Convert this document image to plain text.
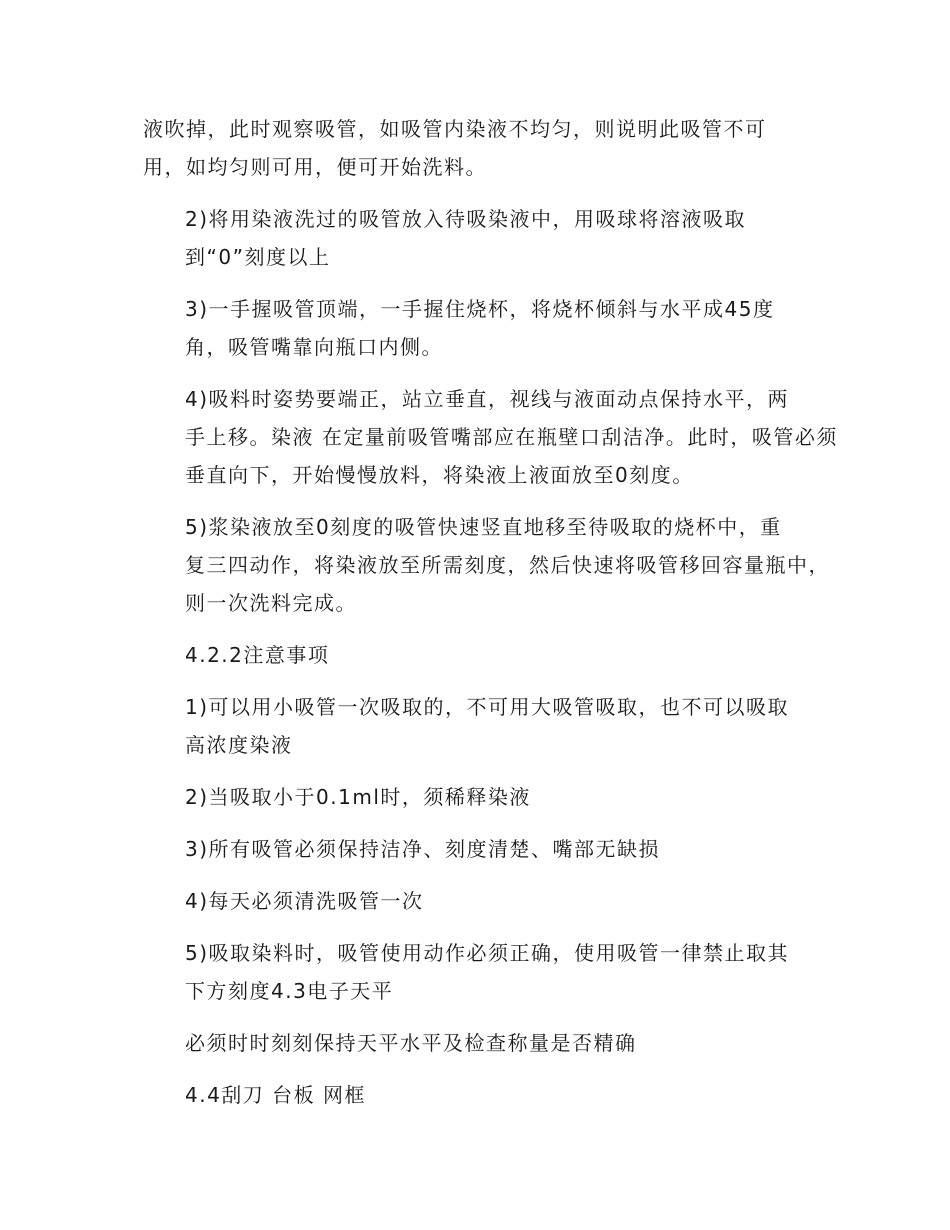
液吹掉，此时观察吸管，如吸管内染液不均匀，则说明此吸管不可
用，如均匀则可用，便可开始洗料。
2)将用染液洗过的吸管放入待吸染液中，用吸球将溶液吸取
到“0”刻度以上
3)一手握吸管顶端，一手握住烧杯，将烧杯倾斜与水平成45度
角，吸管嘴靠向瓶口内侧。
4)吸料时姿势要端正，站立垂直，视线与液面动点保持水平，两
手上移。染液 在定量前吸管嘴部应在瓶壁口刮洁净。此时，吸管必须
垂直向下，开始慢慢放料，将染液上液面放至0刻度。
5)浆染液放至0刻度的吸管快速竖直地移至待吸取的烧杯中，重
复三四动作，将染液放至所需刻度，然后快速将吸管移回容量瓶中，
则一次洗料完成。
4.2.2注意事项
1)可以用小吸管一次吸取的，不可用大吸管吸取，也不可以吸取
高浓度染液
2)当吸取小于0.1ml时，须稀释染液
3)所有吸管必须保持洁净、刻度清楚、嘴部无缺损
4)每天必须清洗吸管一次
5)吸取染料时，吸管使用动作必须正确，使用吸管一律禁止取其
下方刻度4.3电子天平
必须时时刻刻保持天平水平及检查称量是否精确
4.4刮刀 台板 网框
